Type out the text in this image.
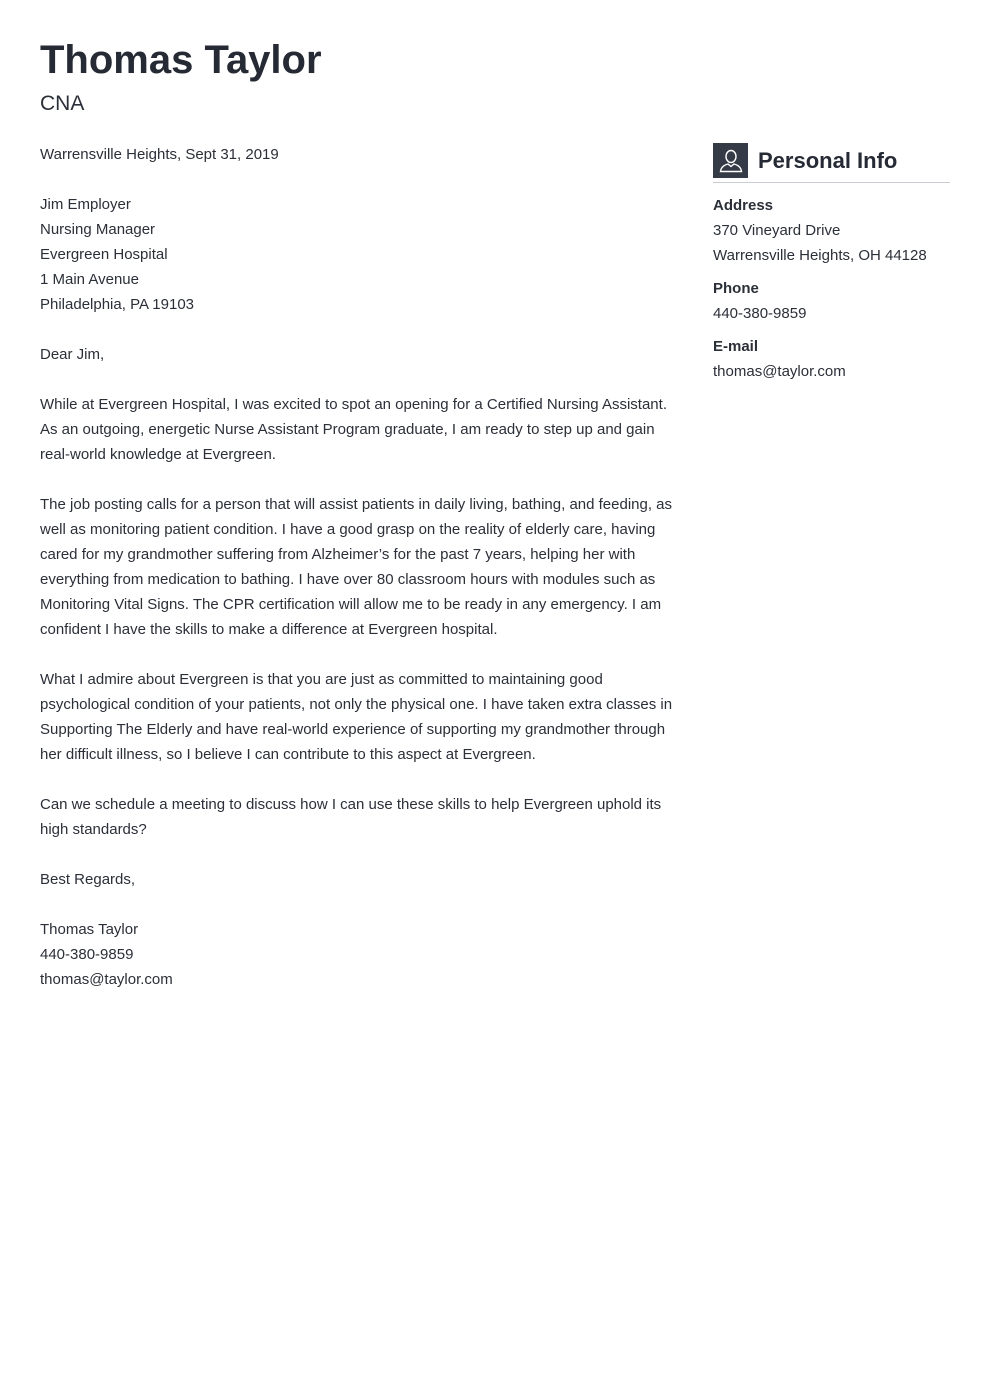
Thomas Taylor
CNA
Warrensville Heights, Sept 31, 2019
Jim Employer
Nursing Manager
Evergreen Hospital
1 Main Avenue
Philadelphia, PA 19103
Dear Jim,

While at Evergreen Hospital, I was excited to spot an opening for a Certified Nursing Assistant. As an outgoing, energetic Nurse Assistant Program graduate, I am ready to step up and gain real-world knowledge at Evergreen.

The job posting calls for a person that will assist patients in daily living, bathing, and feeding, as well as monitoring patient condition. I have a good grasp on the reality of elderly care, having cared for my grandmother suffering from Alzheimer’s for the past 7 years, helping her with everything from medication to bathing. I have over 80 classroom hours with modules such as Monitoring Vital Signs. The CPR certification will allow me to be ready in any emergency. I am confident I have the skills to make a difference at Evergreen hospital.

What I admire about Evergreen is that you are just as committed to maintaining good psychological condition of your patients, not only the physical one. I have taken extra classes in Supporting The Elderly and have real-world experience of supporting my grandmother through her difficult illness, so I believe I can contribute to this aspect at Evergreen.

Can we schedule a meeting to discuss how I can use these skills to help Evergreen uphold its high standards?

Best Regards,
Thomas Taylor
440-380-9859
thomas@taylor.com
Personal Info
Address
370 Vineyard Drive
Warrensville Heights, OH 44128
Phone
440-380-9859
E-mail
thomas@taylor.com
